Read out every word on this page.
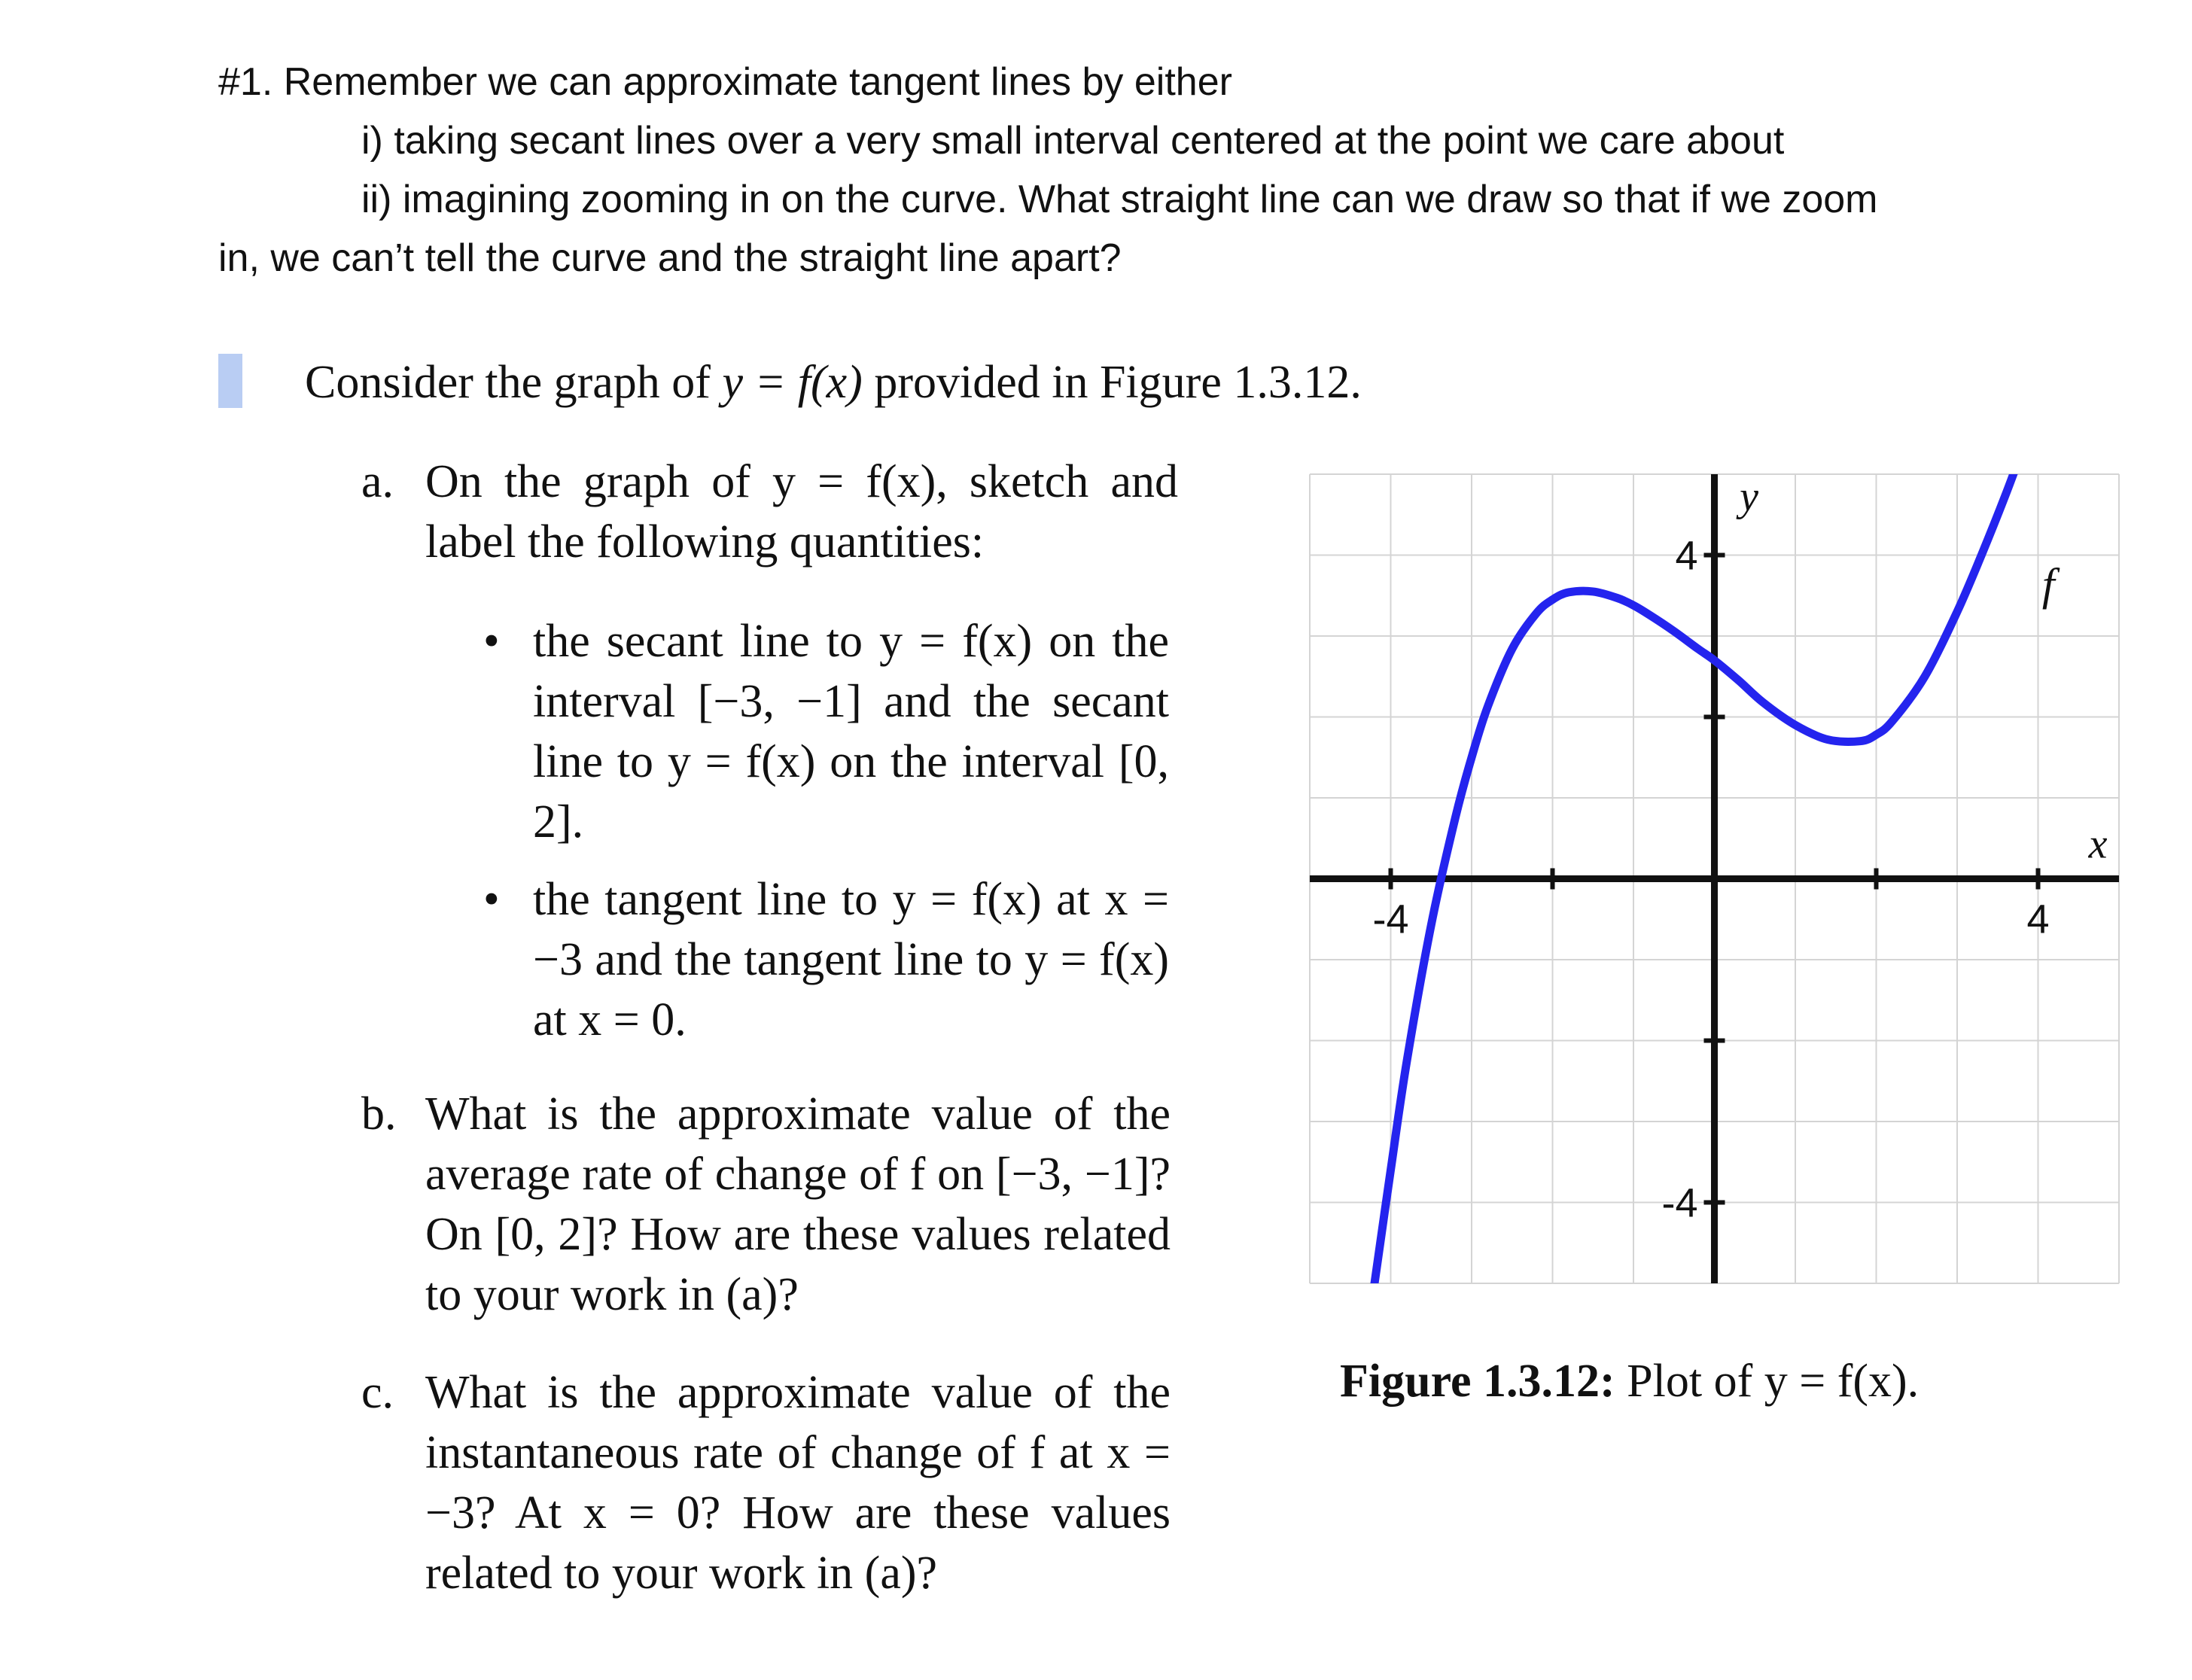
#1. Remember we can approximate tangent lines by either
i) taking secant lines over a very small interval centered at the point we care about
ii) imagining zooming in on the curve. What straight line can we draw so that if we zoom
in, we can’t tell the curve and the straight line apart?
Consider the graph of y = f(x) provided in Figure 1.3.12.
a. On the graph of y = f(x), sketch and label the following quantities:
• the secant line to y = f(x) on the interval [−3, −1] and the secant line to y = f(x) on the interval [0, 2].
• the tangent line to y = f(x) at x = −3 and the tangent line to y = f(x) at x = 0.
b. What is the approximate value of the average rate of change of f on [−3, −1]? On [0, 2]? How are these values related to your work in (a)?
c. What is the approximate value of the instantaneous rate of change of f at x = −3? At x = 0? How are these values related to your work in (a)?
-4	4
4
-4
x
y
f
Figure 1.3.12: Plot of y = f(x).
